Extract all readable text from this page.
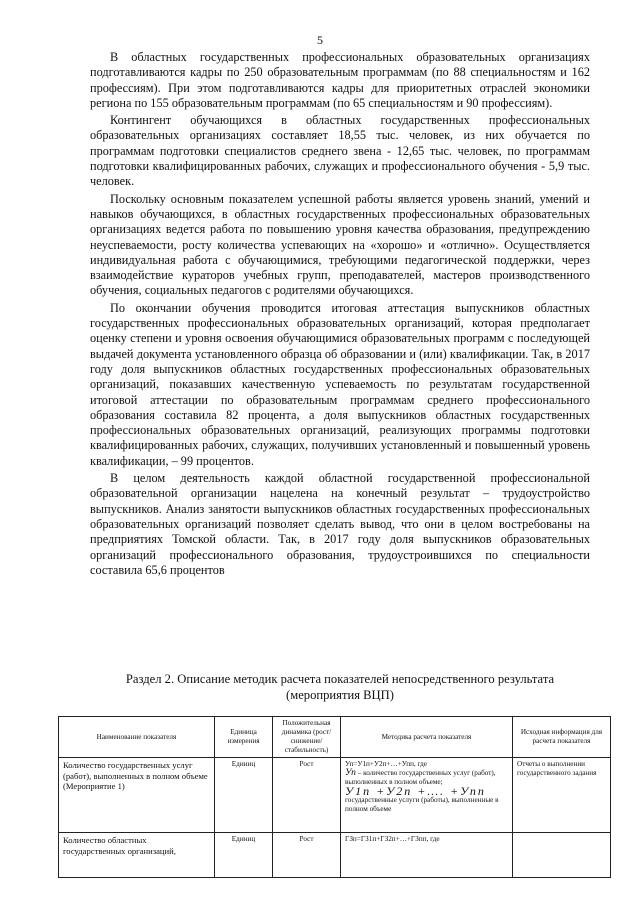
5

В областных государственных профессиональных образовательных организациях подготавливаются кадры по 250 образовательным программам (по 88 специальностям и 162 профессиям). При этом подготавливаются кадры для приоритетных отраслей экономики региона по 155 образовательным программам (по 65 специальностям и 90 профессиям).

Контингент обучающихся в областных государственных профессиональных образовательных организациях составляет 18,55 тыс. человек, из них обучается по программам подготовки специалистов среднего звена - 12,65 тыс. человек, по программам подготовки квалифицированных рабочих, служащих и профессионального обучения - 5,9 тыс. человек.

Поскольку основным показателем успешной работы является уровень знаний, умений и навыков обучающихся, в областных государственных профессиональных образовательных организациях ведется работа по повышению уровня качества образования, предупреждению неуспеваемости, росту количества успевающих на «хорошо» и «отлично». Осуществляется индивидуальная работа с обучающимися, требующими педагогической поддержки, через взаимодействие кураторов учебных групп, преподавателей, мастеров производственного обучения, социальных педагогов с родителями обучающихся.

По окончании обучения проводится итоговая аттестация выпускников областных государственных профессиональных образовательных организаций, которая предполагает оценку степени и уровня освоения обучающимися образовательных программ с последующей выдачей документа установленного образца об образовании и (или) квалификации. Так, в 2017 году доля выпускников областных государственных профессиональных образовательных организаций, показавших качественную успеваемость по результатам государственной итоговой аттестации по образовательным программам среднего профессионального образования составила 82 процента, а доля выпускников областных государственных профессиональных образовательных организаций, реализующих программы подготовки квалифицированных рабочих, служащих, получивших установленный и повышенный уровень квалификации, – 99 процентов.

В целом деятельность каждой областной государственной профессиональной образовательной организации нацелена на конечный результат – трудоустройство выпускников. Анализ занятости выпускников областных государственных профессиональных образовательных организаций позволяет сделать вывод, что они в целом востребованы на предприятиях Томской области. Так, в 2017 году доля выпускников образовательных организаций профессионального образования, трудоустроившихся по специальности составила 65,6 процентов

Раздел 2. Описание методик расчета показателей непосредственного результата (мероприятия ВЦП)

Наименование показателя	Единица измерения	Положительная динамика (рост/снижение/ стабильность)	Методика расчета показателя	Исходная информация для расчета показателя
Количество государственных услуг (работ), выполненных в полном объеме (Мероприятие 1)	Единиц	Рост	Уп=У1п+У2п+…+Упп, где
Уп – количество государственных услуг (работ), выполненных в полном объеме;
У1п +У2п +…. +Упп
государственные услуги (работы), выполненные в полном объеме	Отчеты о выполнении государственного задания
Количество областных государственных организаций,	Единиц	Рост	ГЗп=ГЗ1п+ГЗ2п+…+ГЗпп, где	
